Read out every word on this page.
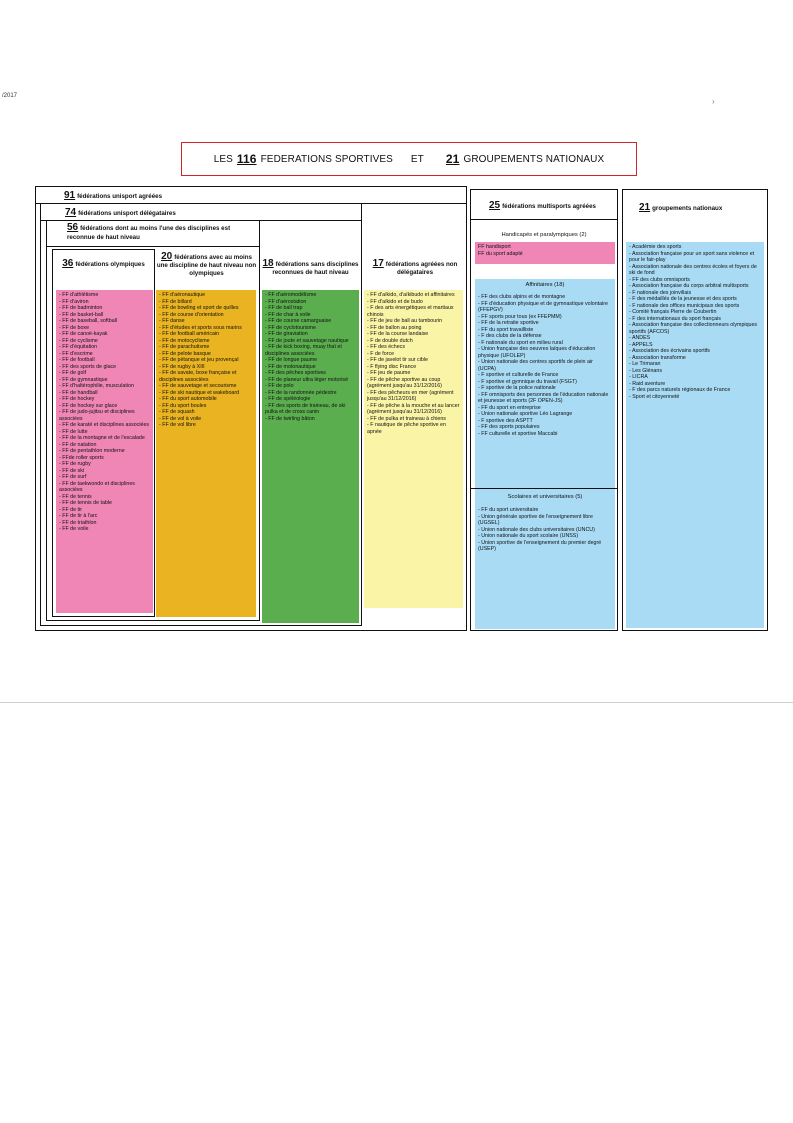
/2017
›
LES 116 FEDERATIONS SPORTIVES ET 21 GROUPEMENTS NATIONAUX
91 fédérations unisport agréées
74 fédérations unisport délégataires
56 fédérations dont au moins l'une des disciplines est reconnue de haut niveau
36 fédérations olympiques
20 fédérations avec au moins une discipline de haut niveau non olympiques
18 fédérations sans disciplines reconnues de haut niveau
17 fédérations agréées non délégataires
- FF d'athlétisme
- FF d'aviron
- FF de badminton
- FF de basket-ball
- FF de baseball, softball
- FF de boxe
- FF de canoë-kayak
- FF de cyclisme
- FF d'équitation
- FF d'escrime
- FF de football
- FF des sports de glace
- FF de golf
- FF de gymnastique
- FF d'haltérophilie, musculation
- FF de handball
- FF de hockey
- FF de hockey sur glace
- FF de judo-jujitsu et disciplines associées
- FF de karaté et disciplines associées
- FF de lutte
- FF de la montagne et de l'escalade
- FF de natation
- FF de pentathlon moderne
- FFde roller sports
- FF de rugby
- FF de ski
- FF de surf
- FF de taekwondo et disciplines associées
- FF de tennis
- FF de tennis de table
- FF de tir
- FF de tir à l'arc
- FF de triathlon
- FF de voile
- FF d'aéronautique
- FF de billard
- FF de bowling et sport de quilles
- FF de course d'orientation
- FF danse
- FF d'études et sports sous marins
- FF de football américain
- FF de motocyclisme
- FF de parachutisme
- FF de pelote basque
- FF de pétanque et jeu provençal
- FF de rugby à XIII
- FF de savate, boxe française et disciplines associées
- FF de sauvetage et secourisme
- FF de ski nautique et wakeboard
- FF du sport automobile
- FF du sport boules
- FF de squash
- FF de vol à voile
- FF de vol libre
- FF d'aéromodélisme
- FF d'aérostation
- FF de ball trap
- FF de char à voile
- FF de course camarguaise
- FF de cyclotourisme
- FF de giraviation
- FF de joute et sauvetage nautique
- FF de kick boxing, muay thaï et disciplines associées
- FF de longue paume
- FF de motonautique
- FF des pêches sportives
- FF de planeur ultra léger motorisé
- FF de polo
- FF de la randonnée pédestre
- FF de spéléologie
- FF des sports de traineau, de ski pulka et de cross canin
- FF de twirling bâton
- FF d'aïkido, d'aïkibudo et affinitaires
- FF d'aïkido et de budo
- F des arts énergétiques et martiaux chinois
- FF de jeu de ball au tambourin
- FF de ballon au poing
- FF de la course landaise
- F de double dutch
- FF des échecs
- F de force
- FF de javelot tir sur cible
- F flying disc France
- FF jeu de paume
- FF de pêche sportive au coup (agrément jusqu'au 31/12/2016)
- FF des pêcheurs en mer (agrément jusqu'au 31/12/2016)
- FF de pêche à la mouche et au lancer (agrément jusqu'au 31/12/2016)
- FF de pulka et traineau à chiens
- F nautique de pêche sportive en apnée
25 fédérations multisports agréées
Handicapés et paralympiques (2)
FF handisport
FF du sport adapté
Affinitaires (18)
- FF des clubs alpins et de montagne
- FF d'éducation physique et de gymnastique volontaire (FFEPGV)
- FF sports pour tous (ex FFEPMM)
- FF de la retraite sportive
- FF du sport travailliste
- F des clubs de la défense
- F nationale du sport en milieu rural
- Union française des oeuvres laïques d'éducation physique (UFOLEP)
- Union nationale des centres sportifs de plein air (UCPA)
- F sportive et culturelle de France
- F sportive et gymnique du travail (FSGT)
- F sportive de la police nationale
- FF omnisports des personnes de l'éducation nationale et jeunesse et sports (2F OPEN-JS)
- FF du sport en entreprise
- Union nationale sportive Léo Lagrange
- F sportive des ASPTT
- FF des sports populaires
- FF culturelle et sportive Maccabi
Scolaires et universitaires (5)
- FF du sport universitaire
- Union générale sportive de l'enseignement libre (UGSEL)
- Union nationale des clubs universitaires (UNCU)
- Union nationale du sport scolaire (UNSS)
- Union sportive de l'enseignement du premier degré (USEP)
21 groupements nationaux
- Académie des sports
- Association française pour un sport sans violence et pour le fair-play
- Association nationale des centres écoles et foyers de ski de fond
- FF des clubs omnisports
- Association française du corps arbitral multisports
- F nationale des joinvillais
- F des médaillés de la jeunesse et des sports
- F nationale des offices municipaux des sports
- Comité français Pierre de Coubertin
- F des internationaux du sport français
- Association française des collectionneurs olympiques sportifs (AFCOS)
- ANDES
- APPELS
- Association des écrivains sportifs
- Association transforme
- Le Trimaran
- Les Glénans
- LICRA
- Raid aventure
- F des parcs naturels régionaux de France
- Sport et citoyenneté
